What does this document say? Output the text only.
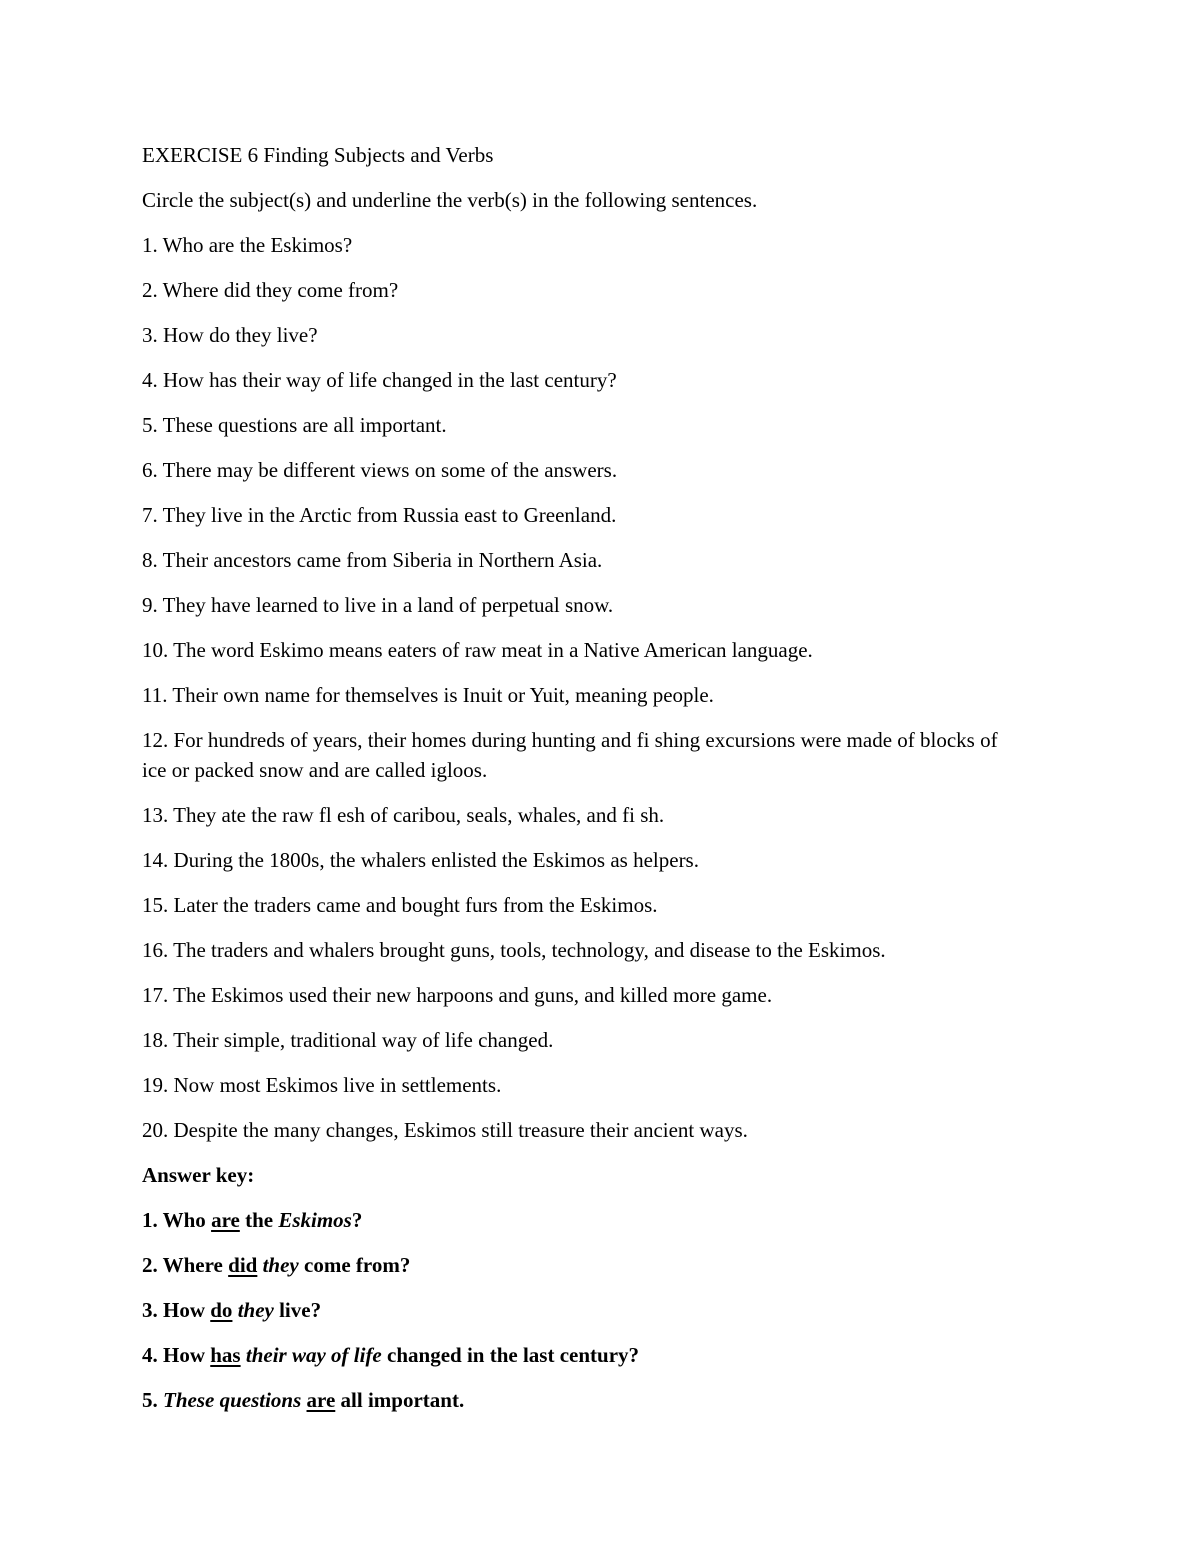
EXERCISE 6 Finding Subjects and Verbs

Circle the subject(s) and underline the verb(s) in the following sentences.

1. Who are the Eskimos?

2. Where did they come from?

3. How do they live?

4. How has their way of life changed in the last century?

5. These questions are all important.

6. There may be different views on some of the answers.

7. They live in the Arctic from Russia east to Greenland.

8. Their ancestors came from Siberia in Northern Asia.

9. They have learned to live in a land of perpetual snow.

10. The word Eskimo means eaters of raw meat in a Native American language.

11. Their own name for themselves is Inuit or Yuit, meaning people.

12. For hundreds of years, their homes during hunting and fi shing excursions were made of blocks of ice or packed snow and are called igloos.

13. They ate the raw fl esh of caribou, seals, whales, and fi sh.

14. During the 1800s, the whalers enlisted the Eskimos as helpers.

15. Later the traders came and bought furs from the Eskimos.

16. The traders and whalers brought guns, tools, technology, and disease to the Eskimos.

17. The Eskimos used their new harpoons and guns, and killed more game.

18. Their simple, traditional way of life changed.

19. Now most Eskimos live in settlements.

20. Despite the many changes, Eskimos still treasure their ancient ways.

Answer key:

1. Who are the Eskimos?

2. Where did they come from?

3. How do they live?

4. How has their way of life changed in the last century?

5. These questions are all important.
